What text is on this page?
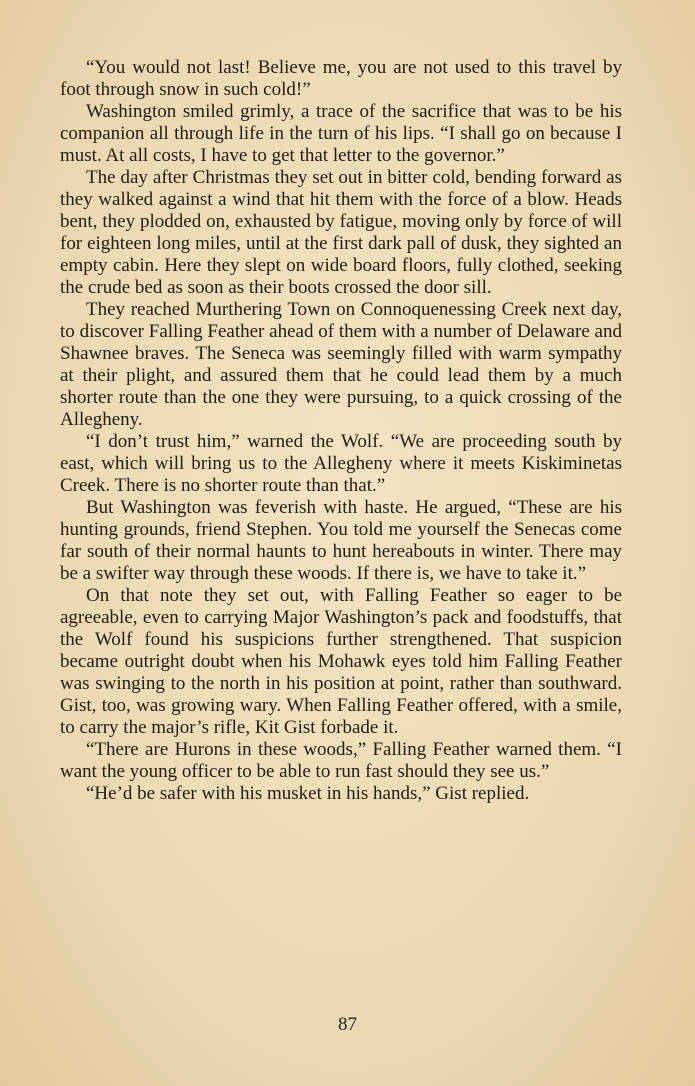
“You would not last! Believe me, you are not used to this travel by foot through snow in such cold!”

Washington smiled grimly, a trace of the sacrifice that was to be his companion all through life in the turn of his lips. “I shall go on because I must. At all costs, I have to get that letter to the governor.”

The day after Christmas they set out in bitter cold, bending forward as they walked against a wind that hit them with the force of a blow. Heads bent, they plodded on, exhausted by fatigue, moving only by force of will for eighteen long miles, until at the first dark pall of dusk, they sighted an empty cabin. Here they slept on wide board floors, fully clothed, seeking the crude bed as soon as their boots crossed the door sill.

They reached Murthering Town on Connoquenessing Creek next day, to discover Falling Feather ahead of them with a number of Delaware and Shawnee braves. The Seneca was seemingly filled with warm sympathy at their plight, and assured them that he could lead them by a much shorter route than the one they were pursuing, to a quick crossing of the Allegheny.

“I don’t trust him,” warned the Wolf. “We are proceeding south by east, which will bring us to the Allegheny where it meets Kiskiminetas Creek. There is no shorter route than that.”

But Washington was feverish with haste. He argued, “These are his hunting grounds, friend Stephen. You told me yourself the Senecas come far south of their normal haunts to hunt hereabouts in winter. There may be a swifter way through these woods. If there is, we have to take it.”

On that note they set out, with Falling Feather so eager to be agreeable, even to carrying Major Washington’s pack and foodstuffs, that the Wolf found his suspicions further strengthened. That suspicion became outright doubt when his Mohawk eyes told him Falling Feather was swinging to the north in his position at point, rather than southward. Gist, too, was growing wary. When Falling Feather offered, with a smile, to carry the major’s rifle, Kit Gist forbade it.

“There are Hurons in these woods,” Falling Feather warned them. “I want the young officer to be able to run fast should they see us.”

“He’d be safer with his musket in his hands,” Gist replied.

87
